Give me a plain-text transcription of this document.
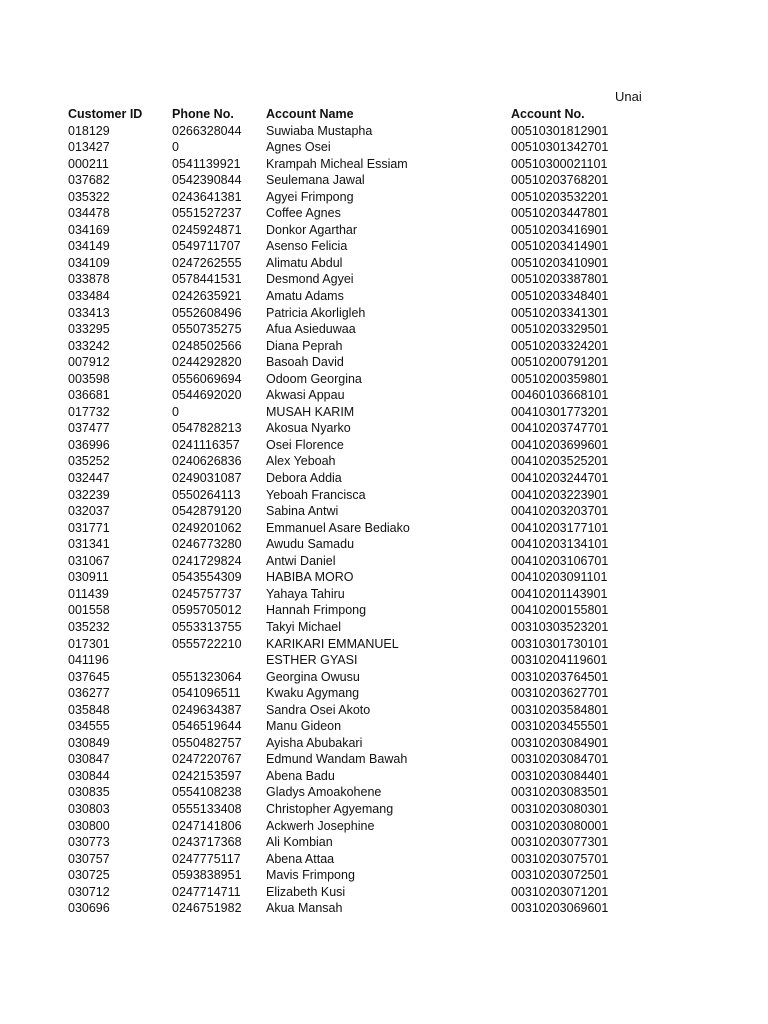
Unai
Customer ID	Phone No.	Account Name	Account No.
018129	0266328044	Suwiaba Mustapha	00510301812901
013427	0	Agnes Osei	00510301342701
000211	0541139921	Krampah Micheal Essiam	00510300021101
037682	0542390844	Seulemana Jawal	00510203768201
035322	0243641381	Agyei Frimpong	00510203532201
034478	0551527237	Coffee Agnes	00510203447801
034169	0245924871	Donkor Agarthar	00510203416901
034149	0549711707	Asenso Felicia	00510203414901
034109	0247262555	Alimatu Abdul	00510203410901
033878	0578441531	Desmond Agyei	00510203387801
033484	0242635921	Amatu Adams	00510203348401
033413	0552608496	Patricia Akorligleh	00510203341301
033295	0550735275	Afua Asieduwaa	00510203329501
033242	0248502566	Diana Peprah	00510203324201
007912	0244292820	Basoah David	00510200791201
003598	0556069694	Odoom Georgina	00510200359801
036681	0544692020	Akwasi Appau	00460103668101
017732	0	MUSAH KARIM	00410301773201
037477	0547828213	Akosua Nyarko	00410203747701
036996	0241116357	Osei Florence	00410203699601
035252	0240626836	Alex Yeboah	00410203525201
032447	0249031087	Debora Addia	00410203244701
032239	0550264113	Yeboah Francisca	00410203223901
032037	0542879120	Sabina Antwi	00410203203701
031771	0249201062	Emmanuel Asare Bediako	00410203177101
031341	0246773280	Awudu Samadu	00410203134101
031067	0241729824	Antwi Daniel	00410203106701
030911	0543554309	HABIBA MORO	00410203091101
011439	0245757737	Yahaya Tahiru	00410201143901
001558	0595705012	Hannah Frimpong	00410200155801
035232	0553313755	Takyi Michael	00310303523201
017301	0555722210	KARIKARI EMMANUEL	00310301730101
041196		ESTHER GYASI	00310204119601
037645	0551323064	Georgina Owusu	00310203764501
036277	0541096511	Kwaku Agymang	00310203627701
035848	0249634387	Sandra Osei Akoto	00310203584801
034555	0546519644	Manu Gideon	00310203455501
030849	0550482757	Ayisha Abubakari	00310203084901
030847	0247220767	Edmund Wandam Bawah	00310203084701
030844	0242153597	Abena Badu	00310203084401
030835	0554108238	Gladys Amoakohene	00310203083501
030803	0555133408	Christopher Agyemang	00310203080301
030800	0247141806	Ackwerh Josephine	00310203080001
030773	0243717368	Ali Kombian	00310203077301
030757	0247775117	Abena Attaa	00310203075701
030725	0593838951	Mavis Frimpong	00310203072501
030712	0247714711	Elizabeth Kusi	00310203071201
030696	0246751982	Akua Mansah	00310203069601
